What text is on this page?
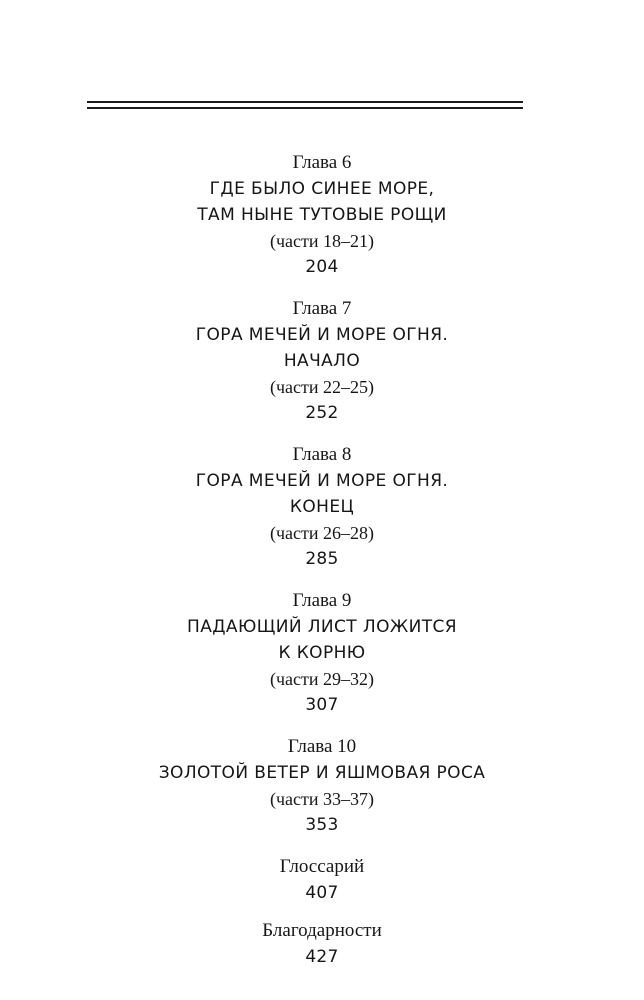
Глава 6
ГДЕ БЫЛО СИНЕЕ МОРЕ,
ТАМ НЫНЕ ТУТОВЫЕ РОЩИ
(части 18–21)
204
Глава 7
ГОРА МЕЧЕЙ И МОРЕ ОГНЯ.
НАЧАЛО
(части 22–25)
252
Глава 8
ГОРА МЕЧЕЙ И МОРЕ ОГНЯ.
КОНЕЦ
(части 26–28)
285
Глава 9
ПАДАЮЩИЙ ЛИСТ ЛОЖИТСЯ
К КОРНЮ
(части 29–32)
307
Глава 10
ЗОЛОТОЙ ВЕТЕР И ЯШМОВАЯ РОСА
(части 33–37)
353
Глоссарий
407
Благодарности
427
